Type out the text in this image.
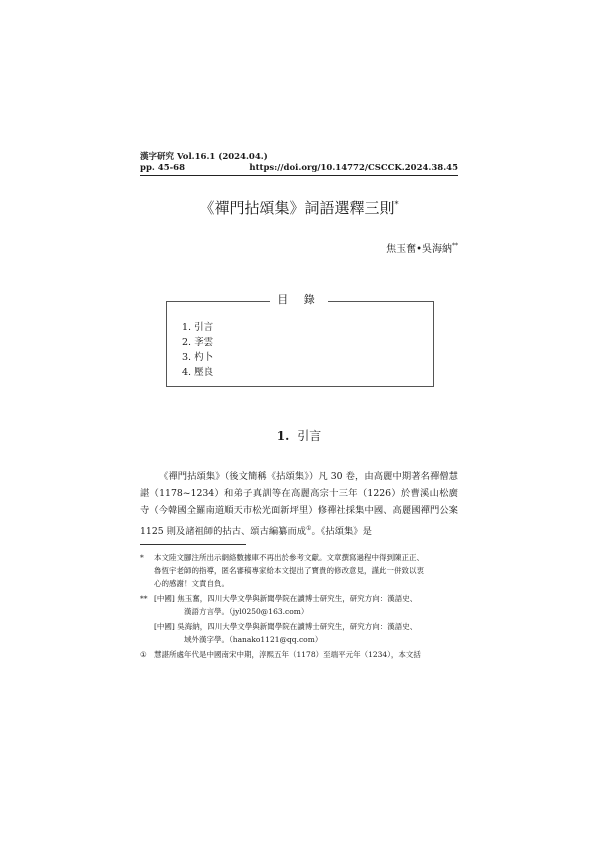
漢字研究 Vol.16.1 (2024.04.)
pp. 45-68	https://doi.org/10.14772/CSCCK.2024.38.45
《禪門拈頌集》詞語選釋三則*
焦玉奮•吳海納**
目 錄
1. 引言
2. 斈雲
3. 杓卜
4. 壓良
1. 引言

《禪門拈頌集》（後文簡稱《拈頌集》）凡 30 卷，由高麗中期著名禪僧慧諶（1178~1234）和弟子真訓等在高麗高宗十三年（1226）於曹溪山松廣寺（今韓國全羅南道順天市松光面新坪里）修禪社採集中國、高麗國禪門公案 1125 則及諸祖師的拈古、頌古編纂而成①。《拈頌集》是

* 本文陸文腳注所出示網絡數據庫不再出於參考文獻。文章撰寫過程中得到陳正正、
魯恆宇老師的指導，匿名審稿專家給本文提出了寶貴的修改意見，謹此一併致以衷
心的感謝！文責自負。
** [中國] 焦玉奮，四川大學文學與新聞學院在讀博士研究生，研究方向：漢語史、
漢語方言學。（jyl0250@163.com）
[中國] 吳海納，四川大學文學與新聞學院在讀博士研究生，研究方向：漢語史、
域外漢字學。（hanako1121@qq.com）
① 慧諶所處年代是中國南宋中期，淳熙五年（1178）至端平元年（1234），本文括
